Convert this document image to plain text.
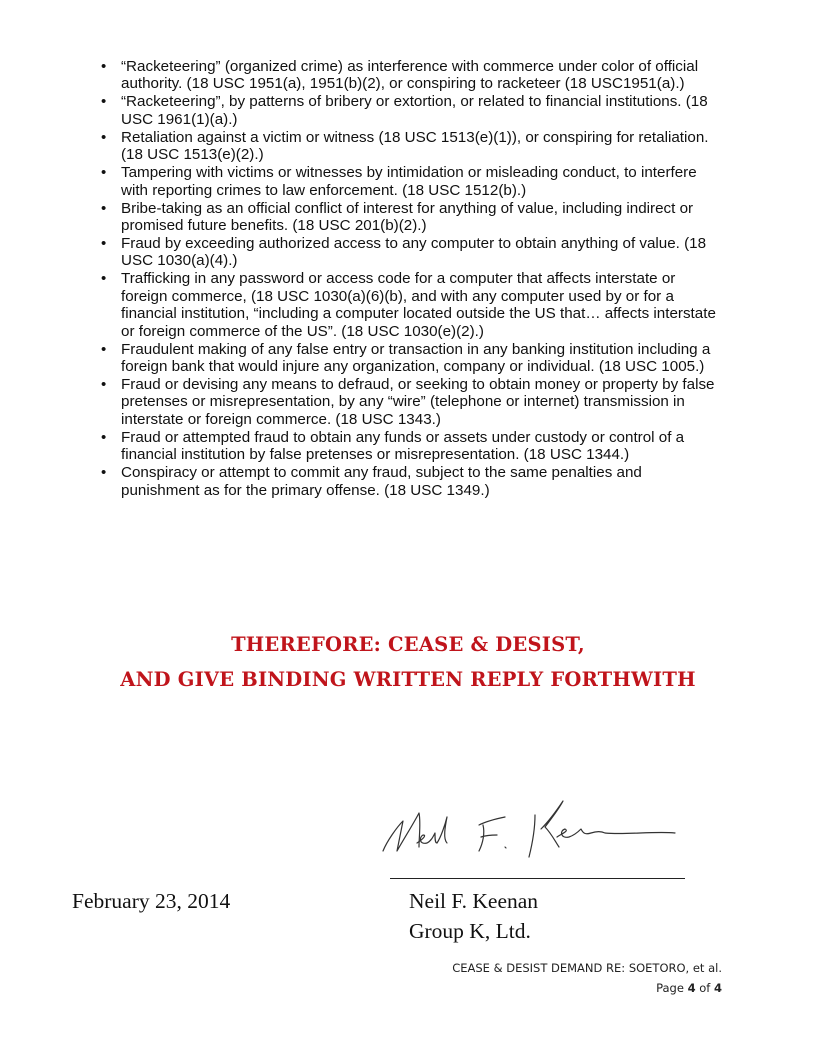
• “Racketeering” (organized crime) as interference with commerce under color of official authority. (18 USC 1951(a), 1951(b)(2), or conspiring to racketeer (18 USC1951(a).)
• “Racketeering”, by patterns of bribery or extortion, or related to financial institutions. (18 USC 1961(1)(a).)
• Retaliation against a victim or witness (18 USC 1513(e)(1)), or conspiring for retaliation. (18 USC 1513(e)(2).)
• Tampering with victims or witnesses by intimidation or misleading conduct, to interfere with reporting crimes to law enforcement. (18 USC 1512(b).)
• Bribe-taking as an official conflict of interest for anything of value, including indirect or promised future benefits. (18 USC 201(b)(2).)
• Fraud by exceeding authorized access to any computer to obtain anything of value. (18 USC 1030(a)(4).)
• Trafficking in any password or access code for a computer that affects interstate or foreign commerce, (18 USC 1030(a)(6)(b), and with any computer used by or for a financial institution, “including a computer located outside the US that… affects interstate or foreign commerce of the US”. (18 USC 1030(e)(2).)
• Fraudulent making of any false entry or transaction in any banking institution including a foreign bank that would injure any organization, company or individual. (18 USC 1005.)
• Fraud or devising any means to defraud, or seeking to obtain money or property by false pretenses or misrepresentation, by any “wire” (telephone or internet) transmission in interstate or foreign commerce. (18 USC 1343.)
• Fraud or attempted fraud to obtain any funds or assets under custody or control of a financial institution by false pretenses or misrepresentation. (18 USC 1344.)
• Conspiracy or attempt to commit any fraud, subject to the same penalties and punishment as for the primary offense. (18 USC 1349.)
THEREFORE: CEASE & DESIST,
AND GIVE BINDING WRITTEN REPLY FORTHWITH
February 23, 2014	Neil F. Keenan
Group K, Ltd.
CEASE & DESIST DEMAND RE: SOETORO, et al.
Page 4 of 4
